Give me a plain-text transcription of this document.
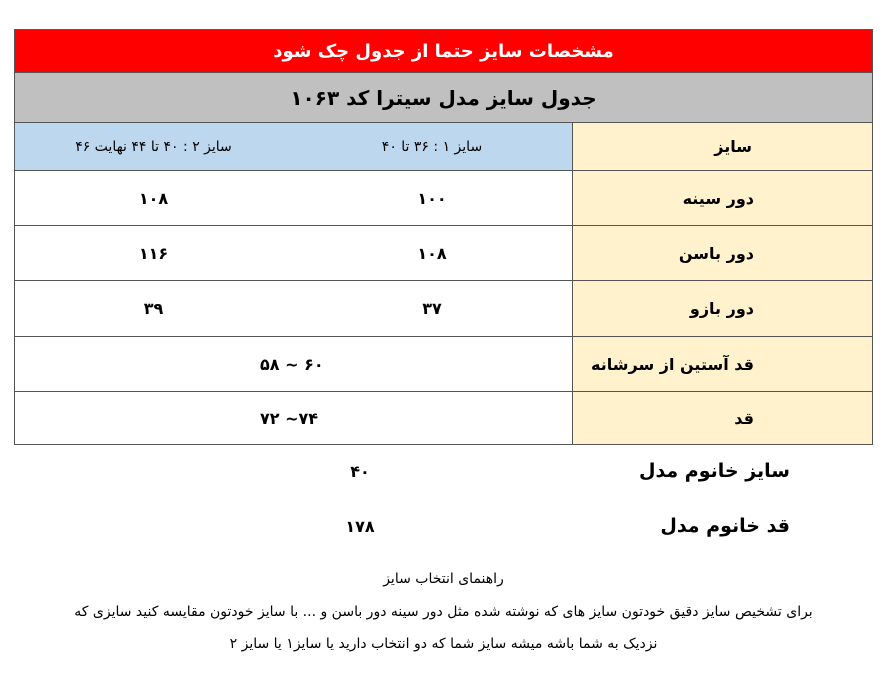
مشخصات سایز حتما از جدول چک شود
جدول سایز مدل سیترا کد ۱۰۶۳
سایز
سایز ۱ : ۳۶ تا ۴۰
سایز ۲ : ۴۰ تا ۴۴ نهایت ۴۶
دور سینه
۱۰۰
۱۰۸
دور باسن
۱۰۸
۱۱۶
دور بازو
۳۷
۳۹
قد آستین از سرشانه
۵۸ ~ ۶۰
قد
۷۲ ~۷۴
سایز خانوم مدل
۴۰
قد خانوم مدل
۱۷۸
راهنمای انتخاب سایز
برای تشخیص سایز دقیق خودتون سایز های که نوشته شده مثل دور سینه دور باسن و ... با سایز خودتون مقایسه کنید سایزی که
نزدیک به شما باشه میشه سایز شما که دو انتخاب دارید یا سایز۱ یا سایز ۲
